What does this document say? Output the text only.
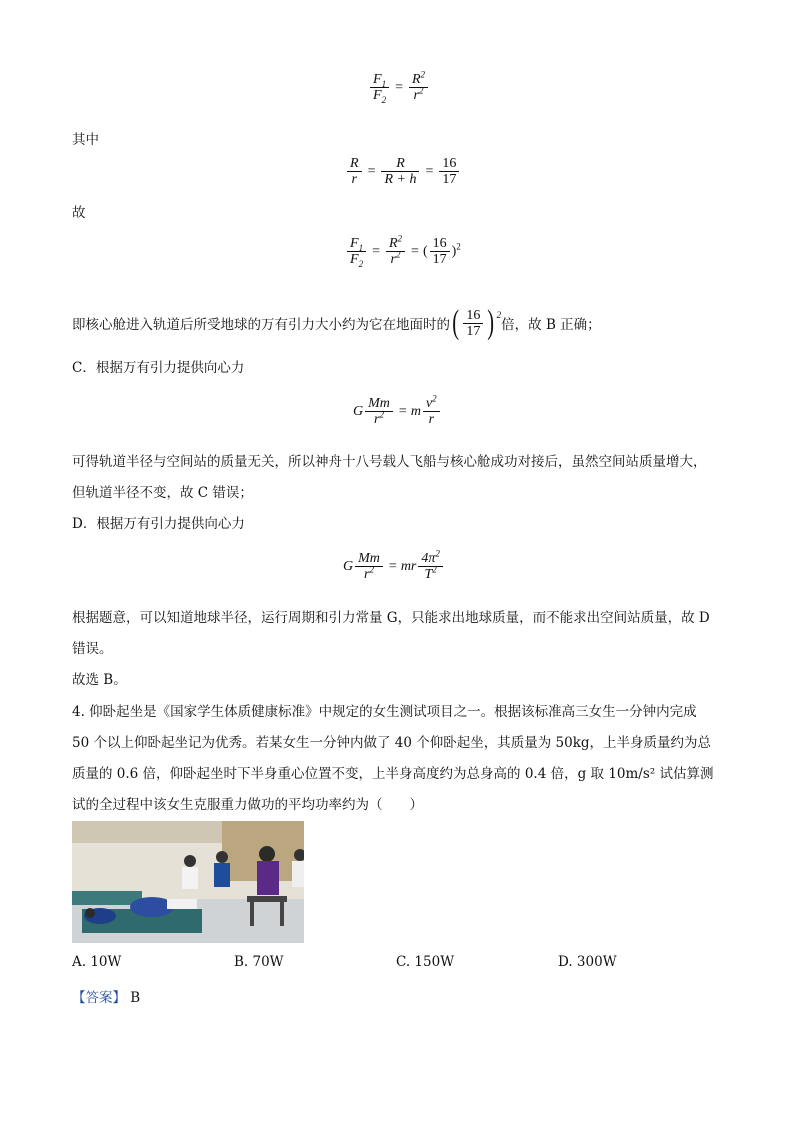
$\frac{F_1}{F_2} = \frac{R^2}{r^2}$
其中
$\frac{R}{r} = \frac{R}{R + h} = \frac{16}{17}$
故
$\frac{F_1}{F_2} = \frac{R^2}{r^2}$ = ( $\frac{16}{17} )^2$
即核心舱进入轨道后所受地球的万有引力大小约为它在地面时的 ( $\frac{16}{17}$ ) $^2$
倍，故 B 正确；
C．根据万有引力提供向心力
G $\frac{Mm}{r^2} = m \frac{v^2}{r}$
可得轨道半径与空间站的质量无关，所以神舟十八号载人飞船与核心舱成功对接后，虽然空间站质量增大，
但轨道半径不变，故 C 错误；
D．根据万有引力提供向心力
G $\frac{Mm}{r^2}$ = mr $\frac{4\pi^2}{T^2}$
根据题意，可以知道地球半径，运行周期和引力常量 G，只能求出地球质量，而不能求出空间站质量，故 D
错误。
故选 B。
4. 仰卧起坐是《国家学生体质健康标准》中规定的女生测试项目之一。根据该标准高三女生一分钟内完成
50 个以上仰卧起坐记为优秀。若某女生一分钟内做了 40 个仰卧起坐，其质量为 50kg，上半身质量约为总
质量的 0.6 倍，仰卧起坐时下半身重心位置不变，上半身高度约为总身高的 0.4 倍，g 取 10m/s² 试估算测
试的全过程中该女生克服重力做功的平均功率约为（　　）
A. 10W	B. 70W	C. 150W	D. 300W
【答案】 B
